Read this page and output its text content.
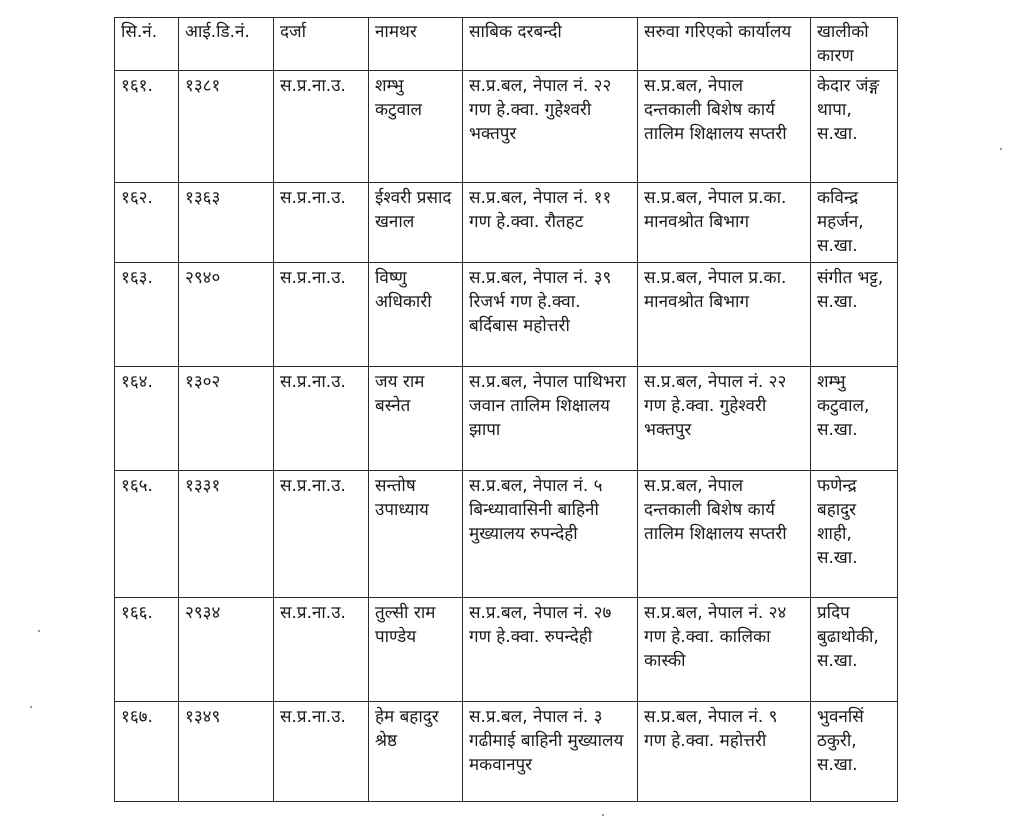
सि.नं.	आई.डि.नं.	दर्जा	नामथर	साबिक दरबन्दी	सरुवा गरिएको कार्यालय	खालीको कारण
१६१.	१३८१	स.प्र.ना.उ.	शम्भु कटुवाल	स.प्र.बल, नेपाल नं. २२ गण हे.क्वा. गुहेश्वरी भक्तपुर	स.प्र.बल, नेपाल दन्तकाली बिशेष कार्य तालिम शिक्षालय सप्तरी	केदार जंङ्ग थापा, स.खा.
१६२.	१३६३	स.प्र.ना.उ.	ईश्वरी प्रसाद खनाल	स.प्र.बल, नेपाल नं. ११ गण हे.क्वा. रौतहट	स.प्र.बल, नेपाल प्र.का. मानवश्रोत बिभाग	कविन्द्र महर्जन, स.खा.
१६३.	२९४०	स.प्र.ना.उ.	विष्णु अधिकारी	स.प्र.बल, नेपाल नं. ३९ रिजर्भ गण हे.क्वा. बर्दिबास महोत्तरी	स.प्र.बल, नेपाल प्र.का. मानवश्रोत बिभाग	संगीत भट्ट, स.खा.
१६४.	१३०२	स.प्र.ना.उ.	जय राम बस्नेत	स.प्र.बल, नेपाल पाथिभरा जवान तालिम शिक्षालय झापा	स.प्र.बल, नेपाल नं. २२ गण हे.क्वा. गुहेश्वरी भक्तपुर	शम्भु कटुवाल, स.खा.
१६५.	१३३१	स.प्र.ना.उ.	सन्तोष उपाध्याय	स.प्र.बल, नेपाल नं. ५ बिन्ध्यावासिनी बाहिनी मुख्यालय रुपन्देही	स.प्र.बल, नेपाल दन्तकाली बिशेष कार्य तालिम शिक्षालय सप्तरी	फणेन्द्र बहादुर शाही, स.खा.
१६६.	२९३४	स.प्र.ना.उ.	तुल्सी राम पाण्डेय	स.प्र.बल, नेपाल नं. २७ गण हे.क्वा. रुपन्देही	स.प्र.बल, नेपाल नं. २४ गण हे.क्वा. कालिका कास्की	प्रदिप बुढाथोकी, स.खा.
१६७.	१३४९	स.प्र.ना.उ.	हेम बहादुर श्रेष्ठ	स.प्र.बल, नेपाल नं. ३ गढीमाई बाहिनी मुख्यालय मकवानपुर	स.प्र.बल, नेपाल नं. ९ गण हे.क्वा. महोत्तरी	भुवनसिं ठकुरी, स.खा.
